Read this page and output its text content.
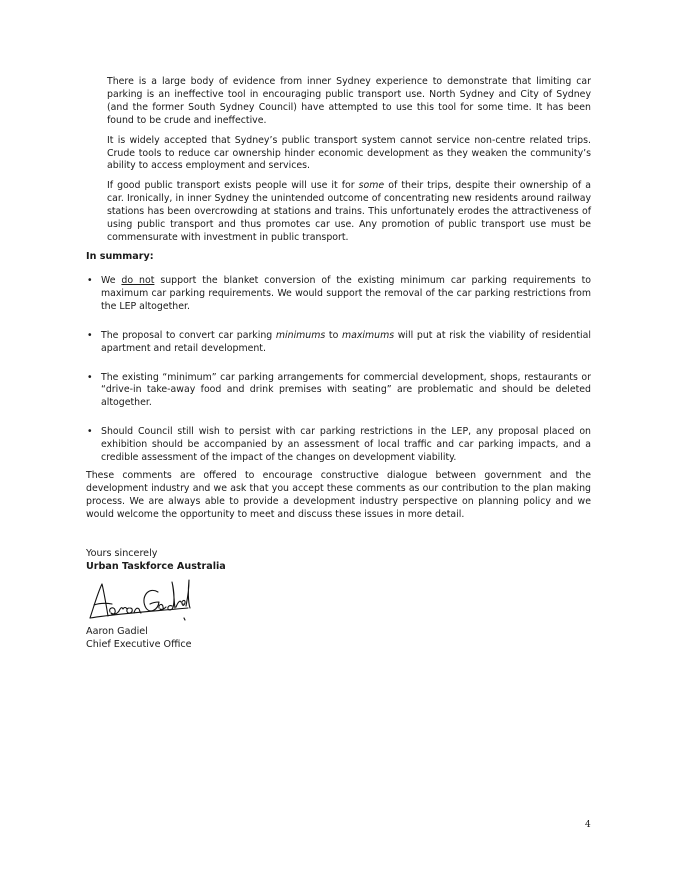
There is a large body of evidence from inner Sydney experience to demonstrate that limiting car parking is an ineffective tool in encouraging public transport use. North Sydney and City of Sydney (and the former South Sydney Council) have attempted to use this tool for some time. It has been found to be crude and ineffective.

It is widely accepted that Sydney’s public transport system cannot service non-centre related trips. Crude tools to reduce car ownership hinder economic development as they weaken the community’s ability to access employment and services.

If good public transport exists people will use it for some of their trips, despite their ownership of a car. Ironically, in inner Sydney the unintended outcome of concentrating new residents around railway stations has been overcrowding at stations and trains. This unfortunately erodes the attractiveness of using public transport and thus promotes car use. Any promotion of public transport use must be commensurate with investment in public transport.

In summary:
• We do not support the blanket conversion of the existing minimum car parking requirements to maximum car parking requirements. We would support the removal of the car parking restrictions from the LEP altogether.
• The proposal to convert car parking minimums to maximums will put at risk the viability of residential apartment and retail development.
• The existing “minimum” car parking arrangements for commercial development, shops, restaurants or “drive-in take-away food and drink premises with seating” are problematic and should be deleted altogether.
• Should Council still wish to persist with car parking restrictions in the LEP, any proposal placed on exhibition should be accompanied by an assessment of local traffic and car parking impacts, and a credible assessment of the impact of the changes on development viability.

These comments are offered to encourage constructive dialogue between government and the development industry and we ask that you accept these comments as our contribution to the plan making process. We are always able to provide a development industry perspective on planning policy and we would welcome the opportunity to meet and discuss these issues in more detail.

Yours sincerely
Urban Taskforce Australia
Aaron Gadiel
Chief Executive Office
4
